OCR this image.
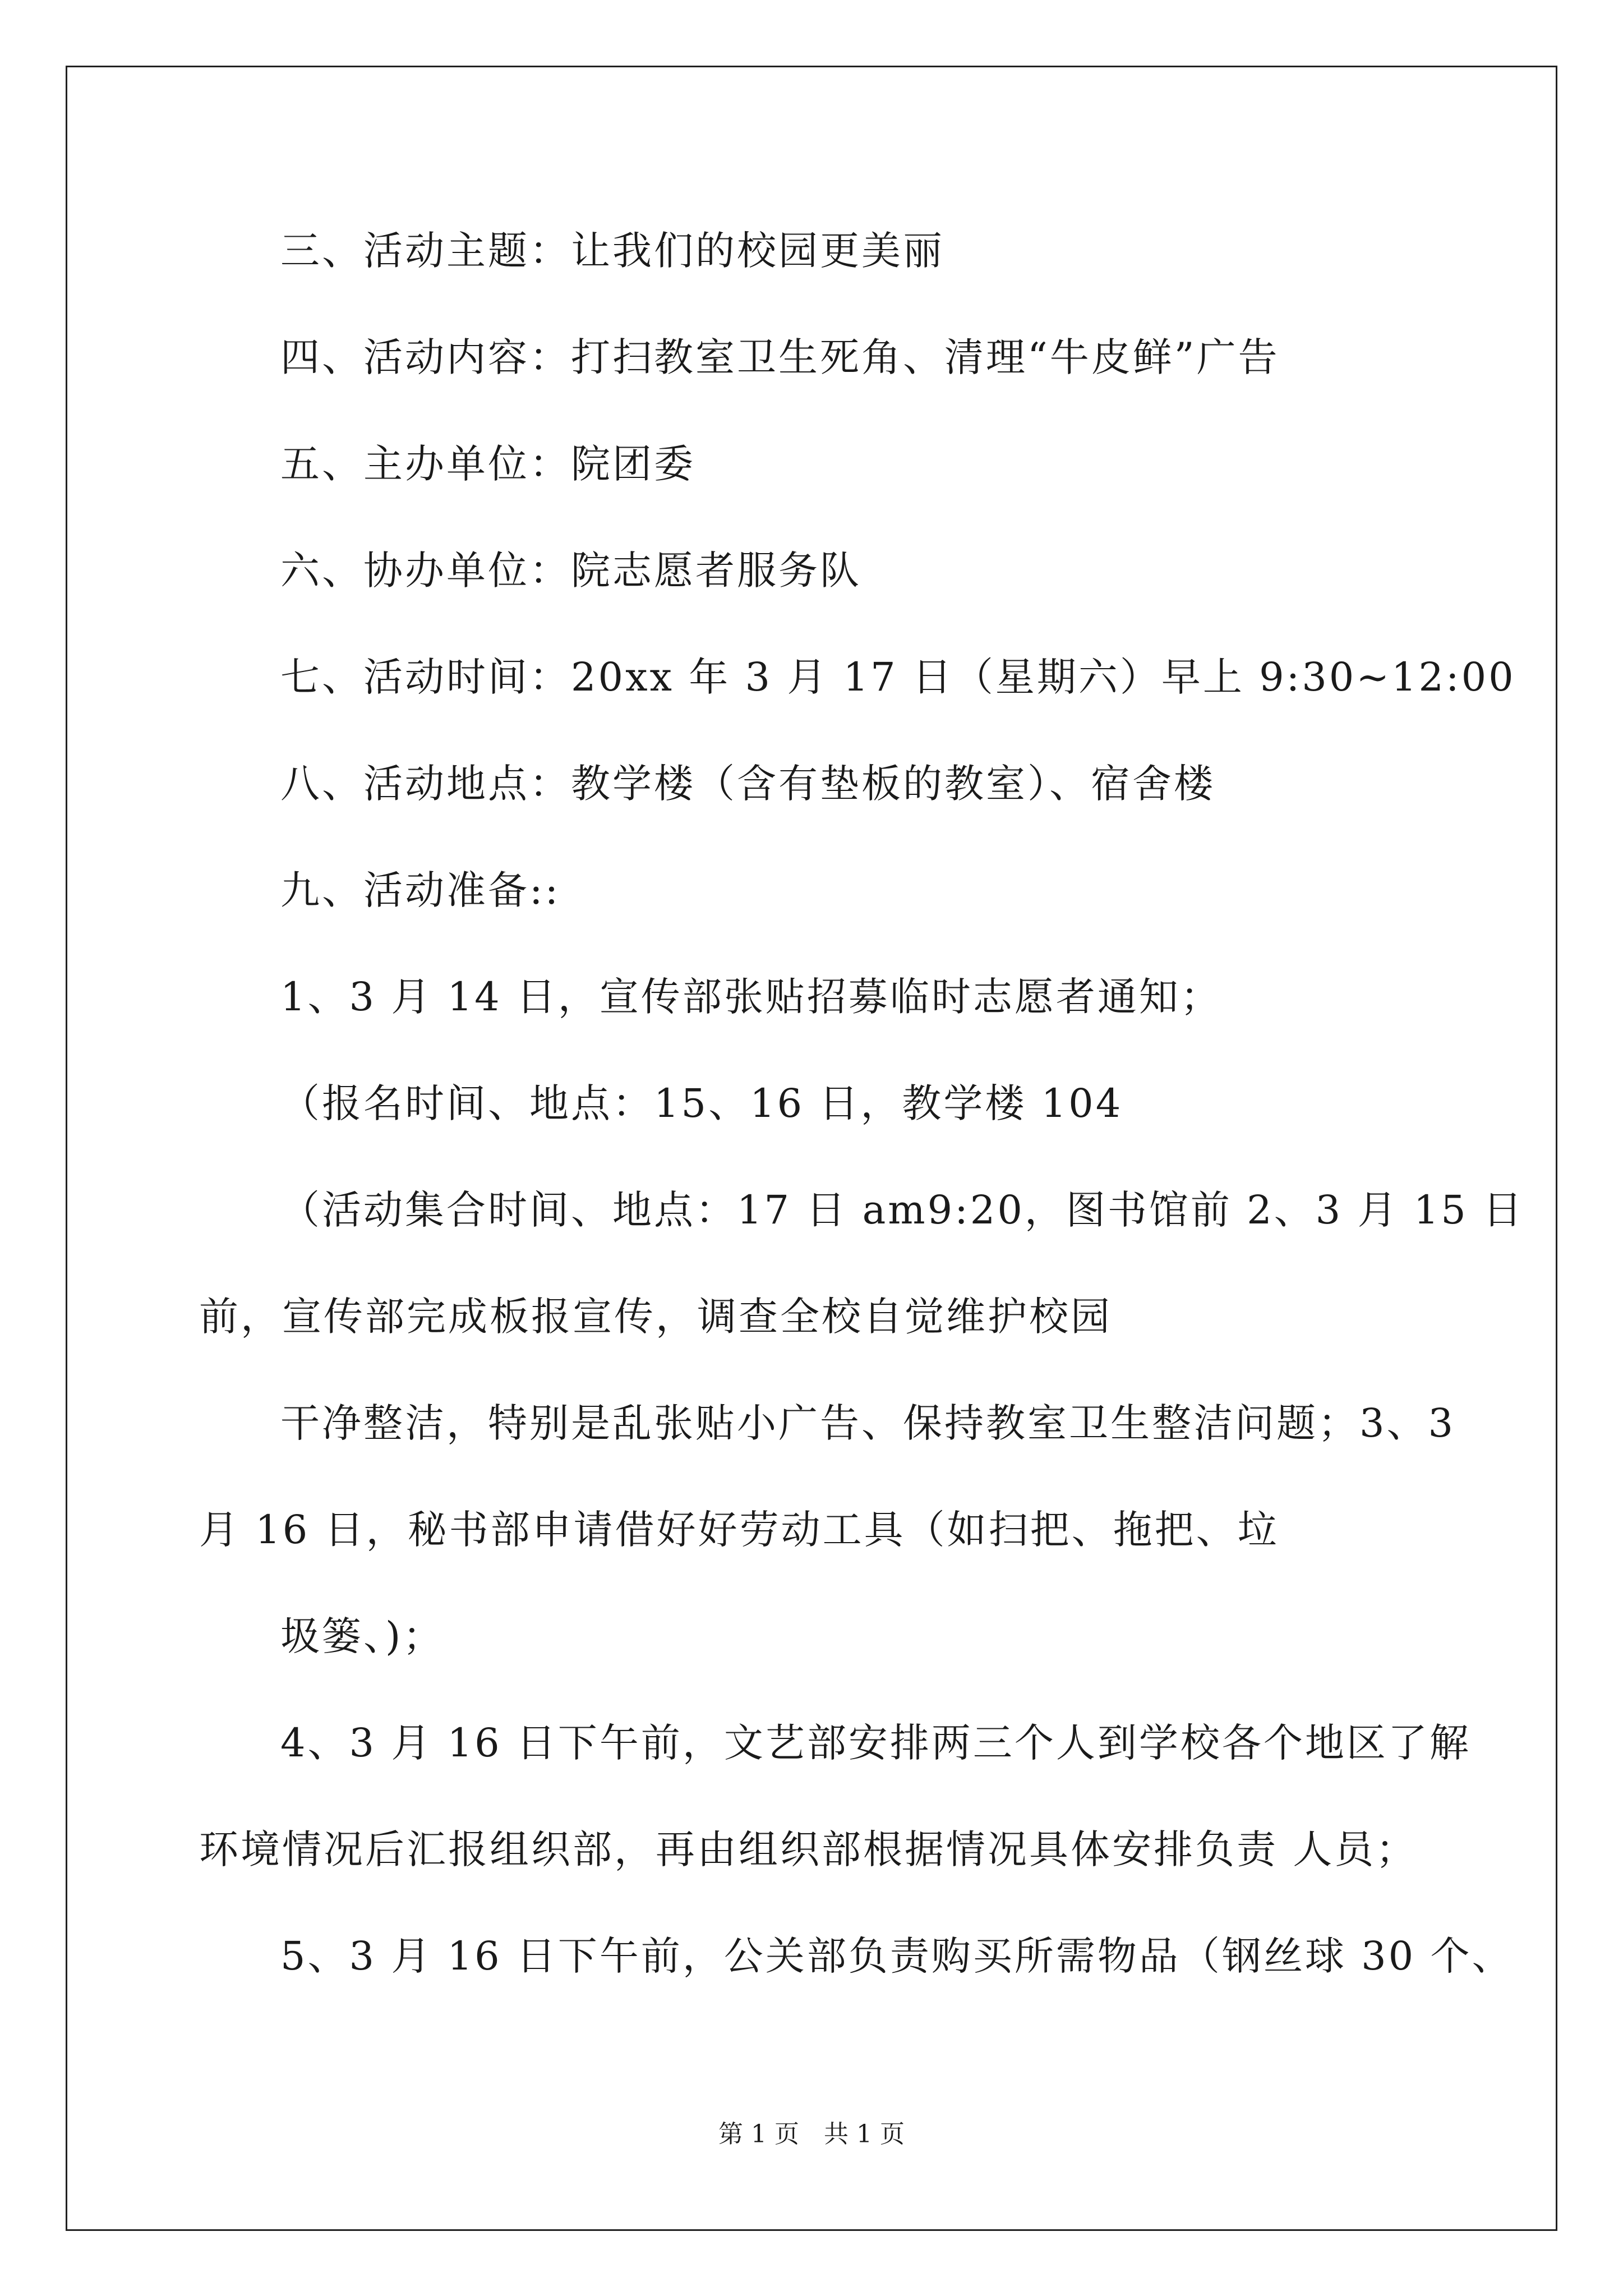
三、活动主题：让我们的校园更美丽
四、活动内容：打扫教室卫生死角、清理“牛皮鲜”广告
五、主办单位：院团委
六、协办单位：院志愿者服务队
七、活动时间：20xx 年 3 月 17 日（星期六）早上 9:30~12:00
八、活动地点：教学楼（含有垫板的教室）、宿舍楼
九、活动准备::
1、3 月 14 日，宣传部张贴招募临时志愿者通知；
（报名时间、地点：15、16 日，教学楼 104
（活动集合时间、地点：17 日 am9:20，图书馆前 2、3 月 15 日
前，宣传部完成板报宣传，调查全校自觉维护校园
干净整洁，特别是乱张贴小广告、保持教室卫生整洁问题；3、3
月 16 日，秘书部申请借好好劳动工具（如扫把、拖把、垃
圾篓、)；
4、3 月 16 日下午前，文艺部安排两三个人到学校各个地区了解
环境情况后汇报组织部，再由组织部根据情况具体安排负责 人员；
5、3 月 16 日下午前，公关部负责购买所需物品（钢丝球 30 个、
第 1 页　共 1 页
